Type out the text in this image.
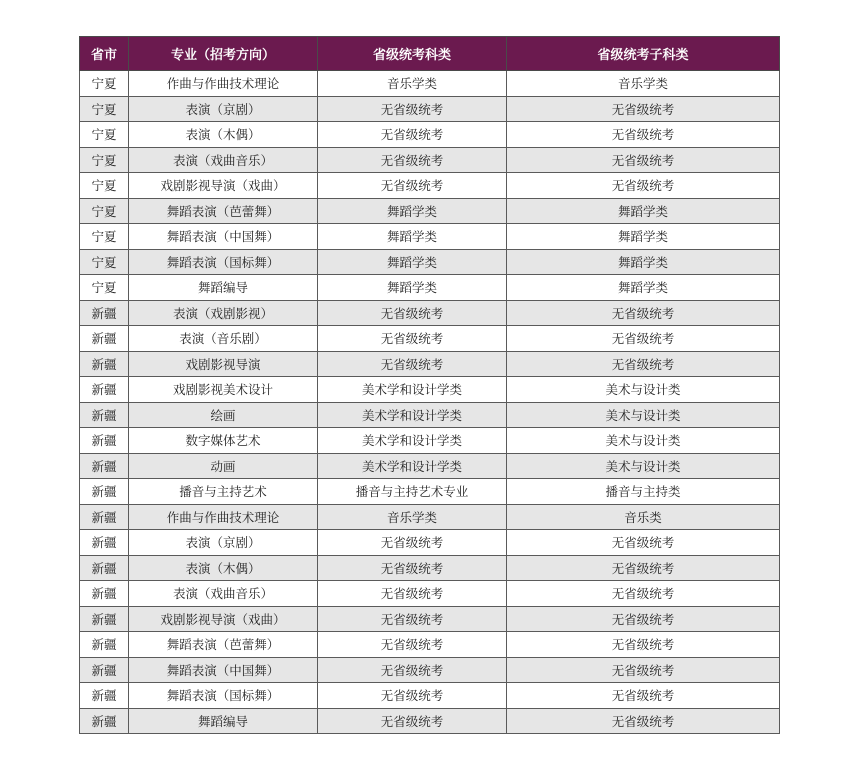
省市	专业（招考方向）	省级统考科类	省级统考子科类
宁夏	作曲与作曲技术理论	音乐学类	音乐学类
宁夏	表演（京剧）	无省级统考	无省级统考
宁夏	表演（木偶）	无省级统考	无省级统考
宁夏	表演（戏曲音乐）	无省级统考	无省级统考
宁夏	戏剧影视导演（戏曲）	无省级统考	无省级统考
宁夏	舞蹈表演（芭蕾舞）	舞蹈学类	舞蹈学类
宁夏	舞蹈表演（中国舞）	舞蹈学类	舞蹈学类
宁夏	舞蹈表演（国标舞）	舞蹈学类	舞蹈学类
宁夏	舞蹈编导	舞蹈学类	舞蹈学类
新疆	表演（戏剧影视）	无省级统考	无省级统考
新疆	表演（音乐剧）	无省级统考	无省级统考
新疆	戏剧影视导演	无省级统考	无省级统考
新疆	戏剧影视美术设计	美术学和设计学类	美术与设计类
新疆	绘画	美术学和设计学类	美术与设计类
新疆	数字媒体艺术	美术学和设计学类	美术与设计类
新疆	动画	美术学和设计学类	美术与设计类
新疆	播音与主持艺术	播音与主持艺术专业	播音与主持类
新疆	作曲与作曲技术理论	音乐学类	音乐类
新疆	表演（京剧）	无省级统考	无省级统考
新疆	表演（木偶）	无省级统考	无省级统考
新疆	表演（戏曲音乐）	无省级统考	无省级统考
新疆	戏剧影视导演（戏曲）	无省级统考	无省级统考
新疆	舞蹈表演（芭蕾舞）	无省级统考	无省级统考
新疆	舞蹈表演（中国舞）	无省级统考	无省级统考
新疆	舞蹈表演（国标舞）	无省级统考	无省级统考
新疆	舞蹈编导	无省级统考	无省级统考
